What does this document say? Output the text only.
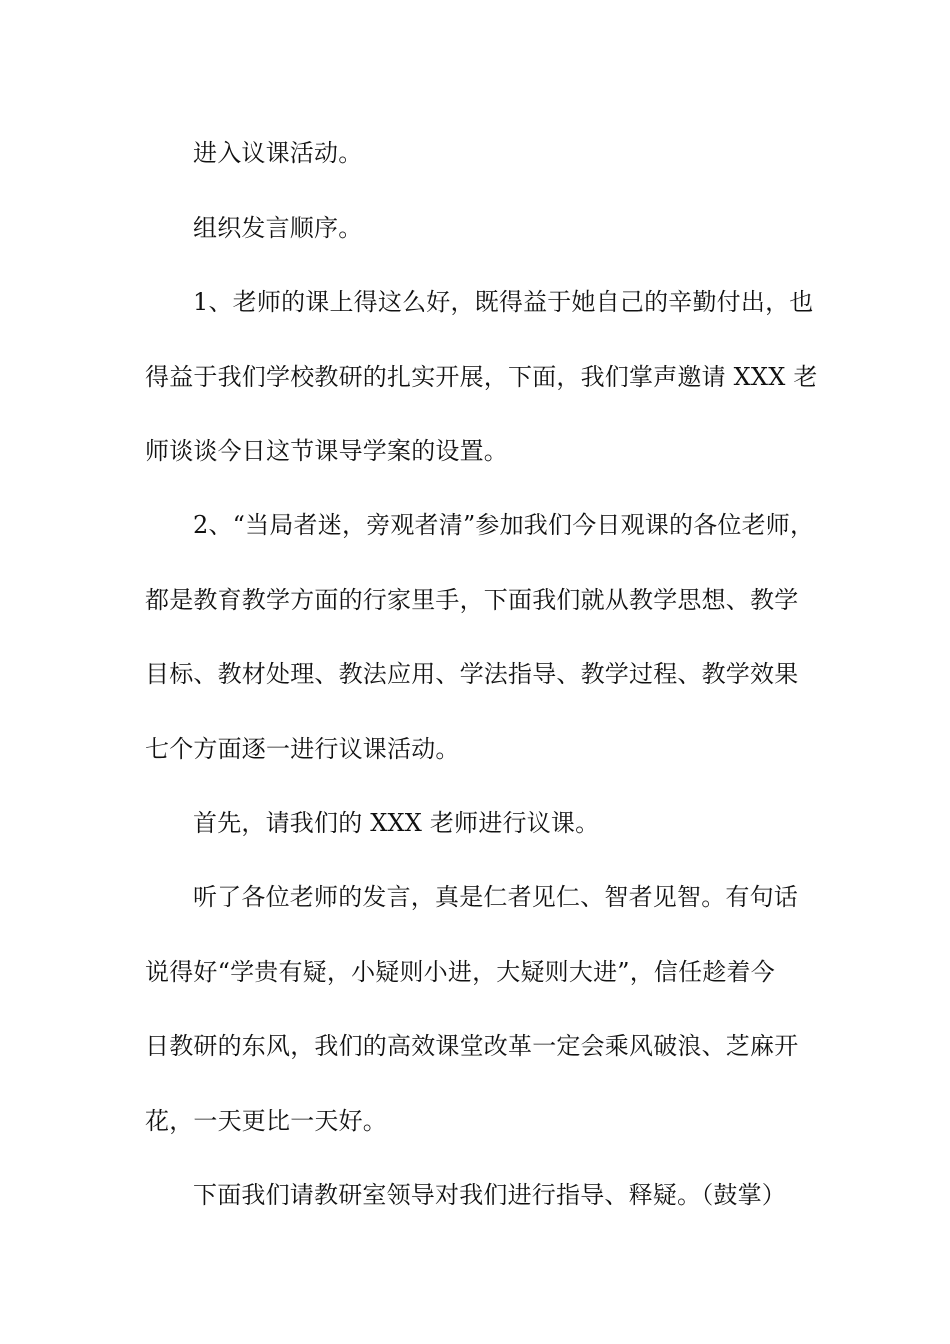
进入议课活动。

组织发言顺序。

1、老师的课上得这么好，既得益于她自己的辛勤付出，也
得益于我们学校教研的扎实开展，下面，我们掌声邀请 XXX 老
师谈谈今日这节课导学案的设置。

2、“当局者迷，旁观者清”参加我们今日观课的各位老师，
都是教育教学方面的行家里手，下面我们就从教学思想、教学
目标、教材处理、教法应用、学法指导、教学过程、教学效果
七个方面逐一进行议课活动。

首先，请我们的 XXX 老师进行议课。

听了各位老师的发言，真是仁者见仁、智者见智。有句话
说得好“学贵有疑，小疑则小进，大疑则大进”，信任趁着今
日教研的东风，我们的高效课堂改革一定会乘风破浪、芝麻开
花，一天更比一天好。

下面我们请教研室领导对我们进行指导、释疑。（鼓掌）
